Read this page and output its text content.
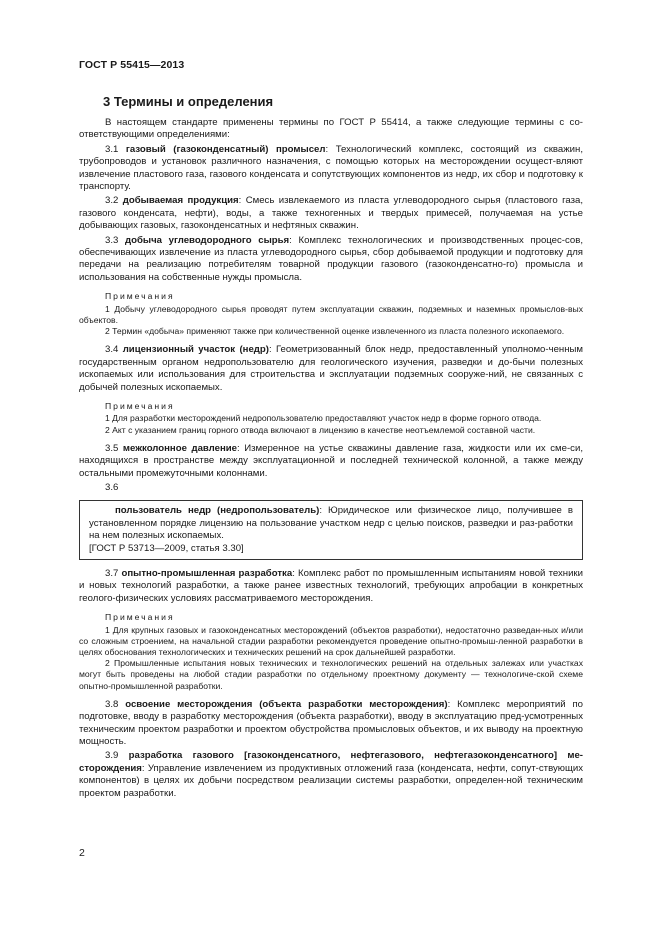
ГОСТ Р 55415—2013
3 Термины и определения

В настоящем стандарте применены термины по ГОСТ Р 55414, а также следующие термины с со-ответствующими определениями:

3.1 газовый (газоконденсатный) промысел: Технологический комплекс, состоящий из скважин, трубопроводов и установок различного назначения, с помощью которых на месторождении осущест-вляют извлечение пластового газа, газового конденсата и сопутствующих компонентов из недр, их сбор и подготовку к транспорту.

3.2 добываемая продукция: Смесь извлекаемого из пласта углеводородного сырья (пластового газа, газового конденсата, нефти), воды, а также техногенных и твердых примесей, получаемая на устье добывающих газовых, газоконденсатных и нефтяных скважин.

3.3 добыча углеводородного сырья: Комплекс технологических и производственных процес-сов, обеспечивающих извлечение из пласта углеводородного сырья, сбор добываемой продукции и подготовку для передачи на реализацию потребителям товарной продукции газового (газоконденсатно-го) промысла и использования на собственные нужды промысла.

Примечания

1 Добычу углеводородного сырья проводят путем эксплуатации скважин, подземных и наземных промыслов-вых объектов.

2 Термин «добыча» применяют также при количественной оценке извлеченного из пласта полезного ископаемого.

3.4 лицензионный участок (недр): Геометризованный блок недр, предоставленный уполномо-ченным государственным органом недропользователю для геологического изучения, разведки и до-бычи полезных ископаемых или использования для строительства и эксплуатации подземных сооруже-ний, не связанных с добычей полезных ископаемых.

Примечания

1 Для разработки месторождений недропользователю предоставляют участок недр в форме горного отвода.

2 Акт с указанием границ горного отвода включают в лицензию в качестве неотъемлемой составной части.

3.5 межколонное давление: Измеренное на устье скважины давление газа, жидкости или их сме-си, находящихся в пространстве между эксплуатационной и последней технической колонной, а также между остальными промежуточными колоннами.

3.6

пользователь недр (недропользователь): Юридическое или физическое лицо, получившее в установленном порядке лицензию на пользование участком недр с целью поисков, разведки и раз-работки на нем полезных ископаемых.

[ГОСТ Р 53713—2009, статья 3.30]

3.7 опытно-промышленная разработка: Комплекс работ по промышленным испытаниям новой техники и новых технологий разработки, а также ранее известных технологий, требующих апробации в конкретных геолого-физических условиях рассматриваемого месторождения.

Примечания

1 Для крупных газовых и газоконденсатных месторождений (объектов разработки), недостаточно разведан-ных и/или со сложным строением, на начальной стадии разработки рекомендуется проведение опытно-промыш-ленной разработки в целях обоснования технологических и технических решений на срок дальнейшей разработки.

2 Промышленные испытания новых технических и технологических решений на отдельных залежах или участках могут быть проведены на любой стадии разработки по отдельному проектному документу — технологиче-ской схеме опытно-промышленной разработки.

3.8 освоение месторождения (объекта разработки месторождения): Комплекс мероприятий по подготовке, вводу в разработку месторождения (объекта разработки), вводу в эксплуатацию пред-усмотренных техническим проектом разработки и проектом обустройства промысловых объектов, и их выводу на проектную мощность.

3.9 разработка газового [газоконденсатного, нефтегазового, нефтегазоконденсатного] ме-сторождения: Управление извлечением из продуктивных отложений газа (конденсата, нефти, сопут-ствующих компонентов) в целях их добычи посредством реализации системы разработки, определен-ной техническим проектом разработки.

2
